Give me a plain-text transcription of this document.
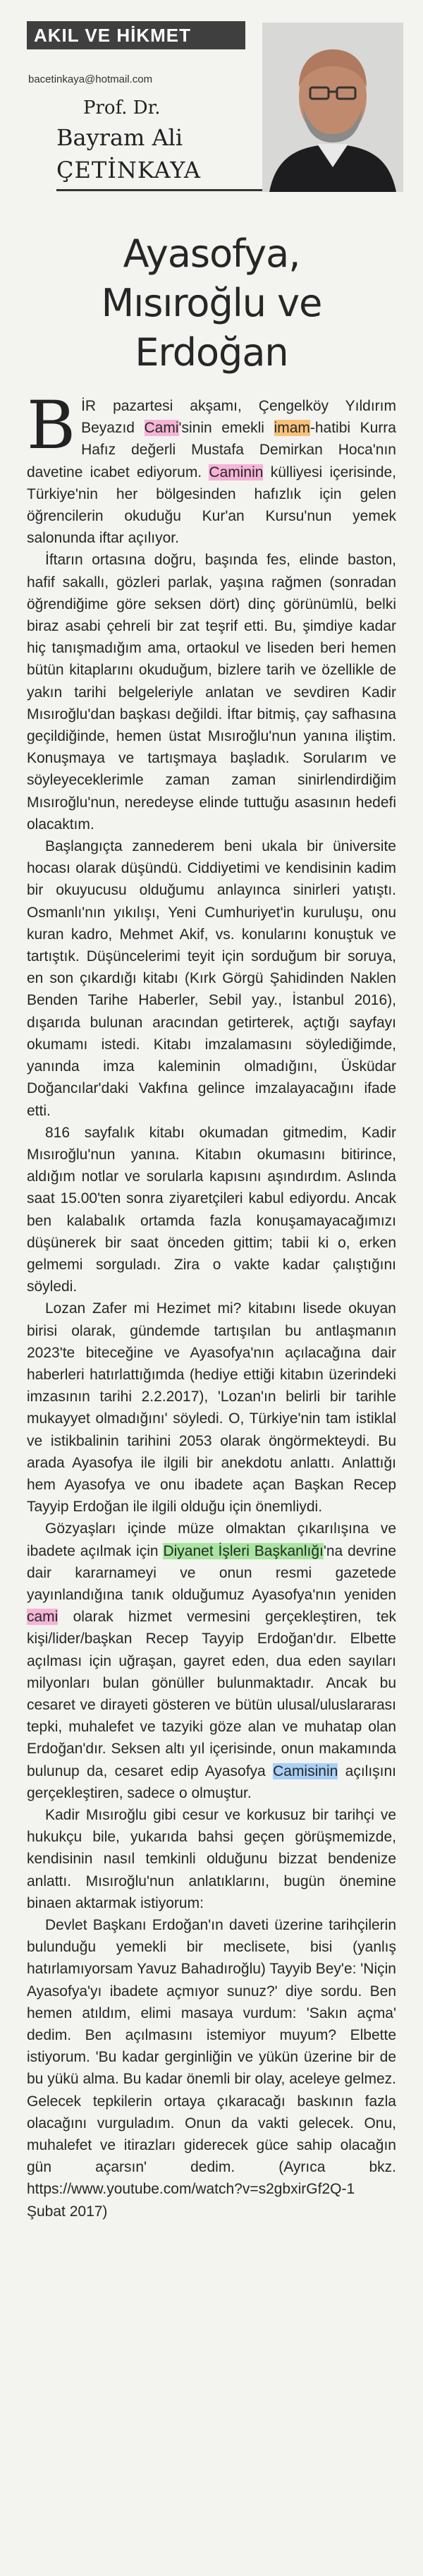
AKIL VE HİKMET
bacetinkaya@hotmail.com
Prof. Dr.
Bayram Ali
ÇETİNKAYA
Ayasofya,
Mısıroğlu ve
Erdoğan

BİR pazartesi akşamı, Çengelköy Yıldırım Beyazıd Cami'sinin emekli imam-hatibi Kurra Hafız değerli Mustafa Demirkan Hoca'nın davetine icabet ediyorum. Caminin külliyesi içerisinde, Türkiye'nin her bölgesinden hafızlık için gelen öğrencilerin okuduğu Kur'an Kursu'nun yemek salonunda iftar açılıyor.

İftarın ortasına doğru, başında fes, elinde baston, hafif sakallı, gözleri parlak, yaşına rağmen (sonradan öğrendiğime göre seksen dört) dinç görünümlü, belki biraz asabi çehreli bir zat teşrif etti. Bu, şimdiye kadar hiç tanışmadığım ama, ortaokul ve liseden beri hemen bütün kitaplarını okuduğum, bizlere tarih ve özellikle de yakın tarihi belgeleriyle anlatan ve sevdiren Kadir Mısıroğlu'dan başkası değildi. İftar bitmiş, çay safhasına geçildiğinde, hemen üstat Mısıroğlu'nun yanına iliştim. Konuşmaya ve tartışmaya başladık. Sorularım ve söyleyeceklerimle zaman zaman sinirlendirdiğim Mısıroğlu'nun, neredeyse elinde tuttuğu asasının hedefi olacaktım.

Başlangıçta zannederem beni ukala bir üniversite hocası olarak düşündü. Ciddiyetimi ve kendisinin kadim bir okuyucusu olduğumu anlayınca sinirleri yatıştı. Osmanlı'nın yıkılışı, Yeni Cumhuriyet'in kuruluşu, onu kuran kadro, Mehmet Akif, vs. konularını konuştuk ve tartıştık. Düşüncelerimi teyit için sorduğum bir soruya, en son çıkardığı kitabı (Kırk Görgü Şahidinden Naklen Benden Tarihe Haberler, Sebil yay., İstanbul 2016), dışarıda bulunan aracından getirterek, açtığı sayfayı okumamı istedi. Kitabı imzalamasını söylediğimde, yanında imza kaleminin olmadığını, Üsküdar Doğancılar'daki Vakfına gelince imzalayacağını ifade etti.

816 sayfalık kitabı okumadan gitmedim, Kadir Mısıroğlu'nun yanına. Kitabın okumasını bitirince, aldığım notlar ve sorularla kapısını aşındırdım. Aslında saat 15.00'ten sonra ziyaretçileri kabul ediyordu. Ancak ben kalabalık ortamda fazla konuşamayacağımızı düşünerek bir saat önceden gittim; tabii ki o, erken gelmemi sorguladı. Zira o vakte kadar çalıştığını söyledi.

Lozan Zafer mi Hezimet mi? kitabını lisede okuyan birisi olarak, gündemde tartışılan bu antlaşmanın 2023'te biteceğine ve Ayasofya'nın açılacağına dair haberleri hatırlattığımda (hediye ettiği kitabın üzerindeki imzasının tarihi 2.2.2017), 'Lozan'ın belirli bir tarihle mukayyet olmadığını' söyledi. O, Türkiye'nin tam istiklal ve istikbalinin tarihini 2053 olarak öngörmekteydi. Bu arada Ayasofya ile ilgili bir anekdotu anlattı. Anlattığı hem Ayasofya ve onu ibadete açan Başkan Recep Tayyip Erdoğan ile ilgili olduğu için önemliydi.

Gözyaşları içinde müze olmaktan çıkarılışına ve ibadete açılmak için Diyanet İşleri Başkanlığı'na devrine dair kararnameyi ve onun resmi gazetede yayınlandığına tanık olduğumuz Ayasofya'nın yeniden cami olarak hizmet vermesini gerçekleştiren, tek kişi/lider/başkan Recep Tayyip Erdoğan'dır. Elbette açılması için uğraşan, gayret eden, dua eden sayıları milyonları bulan gönüller bulunmaktadır. Ancak bu cesaret ve dirayeti gösteren ve bütün ulusal/uluslararası tepki, muhalefet ve tazyiki göze alan ve muhatap olan Erdoğan'dır. Seksen altı yıl içerisinde, onun makamında bulunup da, cesaret edip Ayasofya Camisinin açılışını gerçekleştiren, sadece o olmuştur.

Kadir Mısıroğlu gibi cesur ve korkusuz bir tarihçi ve hukukçu bile, yukarıda bahsi geçen görüşmemizde, kendisinin nasıl temkinli olduğunu bizzat bendenize anlattı. Mısıroğlu'nun anlatıklarını, bugün önemine binaen aktarmak istiyorum:

Devlet Başkanı Erdoğan'ın daveti üzerine tarihçilerin bulunduğu yemekli bir meclisete, bisi (yanlış hatırlamıyorsam Yavuz Bahadıroğlu) Tayyib Bey'e: 'Niçin Ayasofya'yı ibadete açmıyor sunuz?' diye sordu. Ben hemen atıldım, elimi masaya vurdum: 'Sakın açma' dedim. Ben açılmasını istemiyor muyum? Elbette istiyorum. 'Bu kadar gerginliğin ve yükün üzerine bir de bu yükü alma. Bu kadar önemli bir olay, aceleye gelmez. Gelecek tepkilerin ortaya çıkaracağı baskının fazla olacağını vurguladım. Onun da vakti gelecek. Onu, muhalefet ve itirazları giderecek güce sahip olacağın gün açarsın' dedim. (Ayrıca bkz. https://www.youtube.com/watch?v=s2gbxirGf2Q-1 Şubat 2017)
